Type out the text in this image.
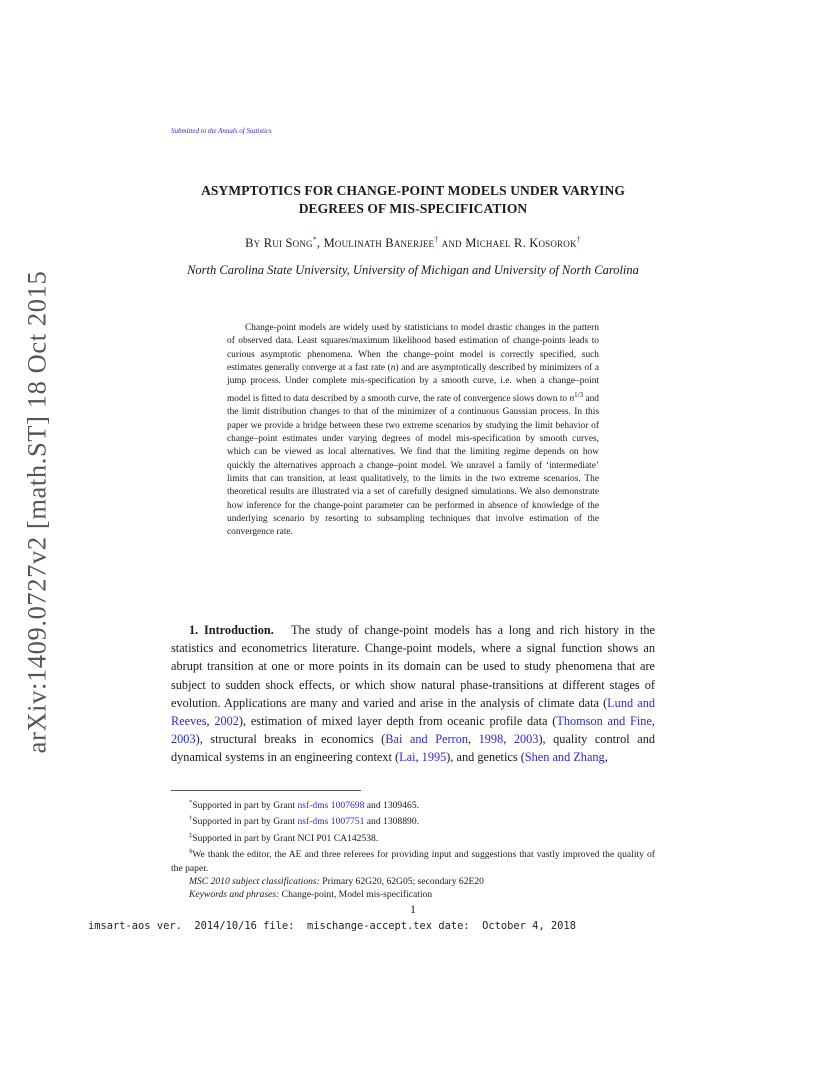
Submitted to the Annals of Statistics
ASYMPTOTICS FOR CHANGE-POINT MODELS UNDER VARYING
DEGREES OF MIS-SPECIFICATION
By Rui Song*, Moulinath Banerjee† and Michael R. Kosorok†
North Carolina State University, University of Michigan and University of North Carolina

Change-point models are widely used by statisticians to model drastic changes in the pattern of observed data. Least squares/maximum likelihood based estimation of change-points leads to curious asymptotic phenomena. When the change–point model is correctly specified, such estimates generally converge at a fast rate (n) and are asymptotically described by minimizers of a jump process. Under complete mis-specification by a smooth curve, i.e. when a change–point model is fitted to data described by a smooth curve, the rate of convergence slows down to $n^{1/3}$ and the limit distribution changes to that of the minimizer of a continuous Gaussian process. In this paper we provide a bridge between these two extreme scenarios by studying the limit behavior of change–point estimates under varying degrees of model mis-specification by smooth curves, which can be viewed as local alternatives. We find that the limiting regime depends on how quickly the alternatives approach a change–point model. We unravel a family of ‘intermediate’ limits that can transition, at least qualitatively, to the limits in the two extreme scenarios. The theoretical results are illustrated via a set of carefully designed simulations. We also demonstrate how inference for the change-point parameter can be performed in absence of knowledge of the underlying scenario by resorting to subsampling techniques that involve estimation of the convergence rate.

1. Introduction. The study of change-point models has a long and rich history in the statistics and econometrics literature. Change-point models, where a signal function shows an abrupt transition at one or more points in its domain can be used to study phenomena that are subject to sudden shock effects, or which show natural phase-transitions at different stages of evolution. Applications are many and varied and arise in the analysis of climate data (Lund and Reeves, 2002), estimation of mixed layer depth from oceanic profile data (Thomson and Fine, 2003), structural breaks in economics (Bai and Perron, 1998, 2003), quality control and dynamical systems in an engineering context (Lai, 1995), and genetics (Shen and Zhang,

*Supported in part by Grant nsf-dms 1007698 and 1309465.
†Supported in part by Grant nsf-dms 1007751 and 1308890.
‡Supported in part by Grant NCI P01 CA142538.
§We thank the editor, the AE and three referees for providing input and suggestions that vastly improved the quality of the paper.
MSC 2010 subject classifications: Primary 62G20, 62G05; secondary 62E20
Keywords and phrases: Change-point, Model mis-specification
1
imsart-aos ver.  2014/10/16 file:  mischange-accept.tex date:  October 4, 2018
arXiv:1409.0727v2 [math.ST] 18 Oct 2015
